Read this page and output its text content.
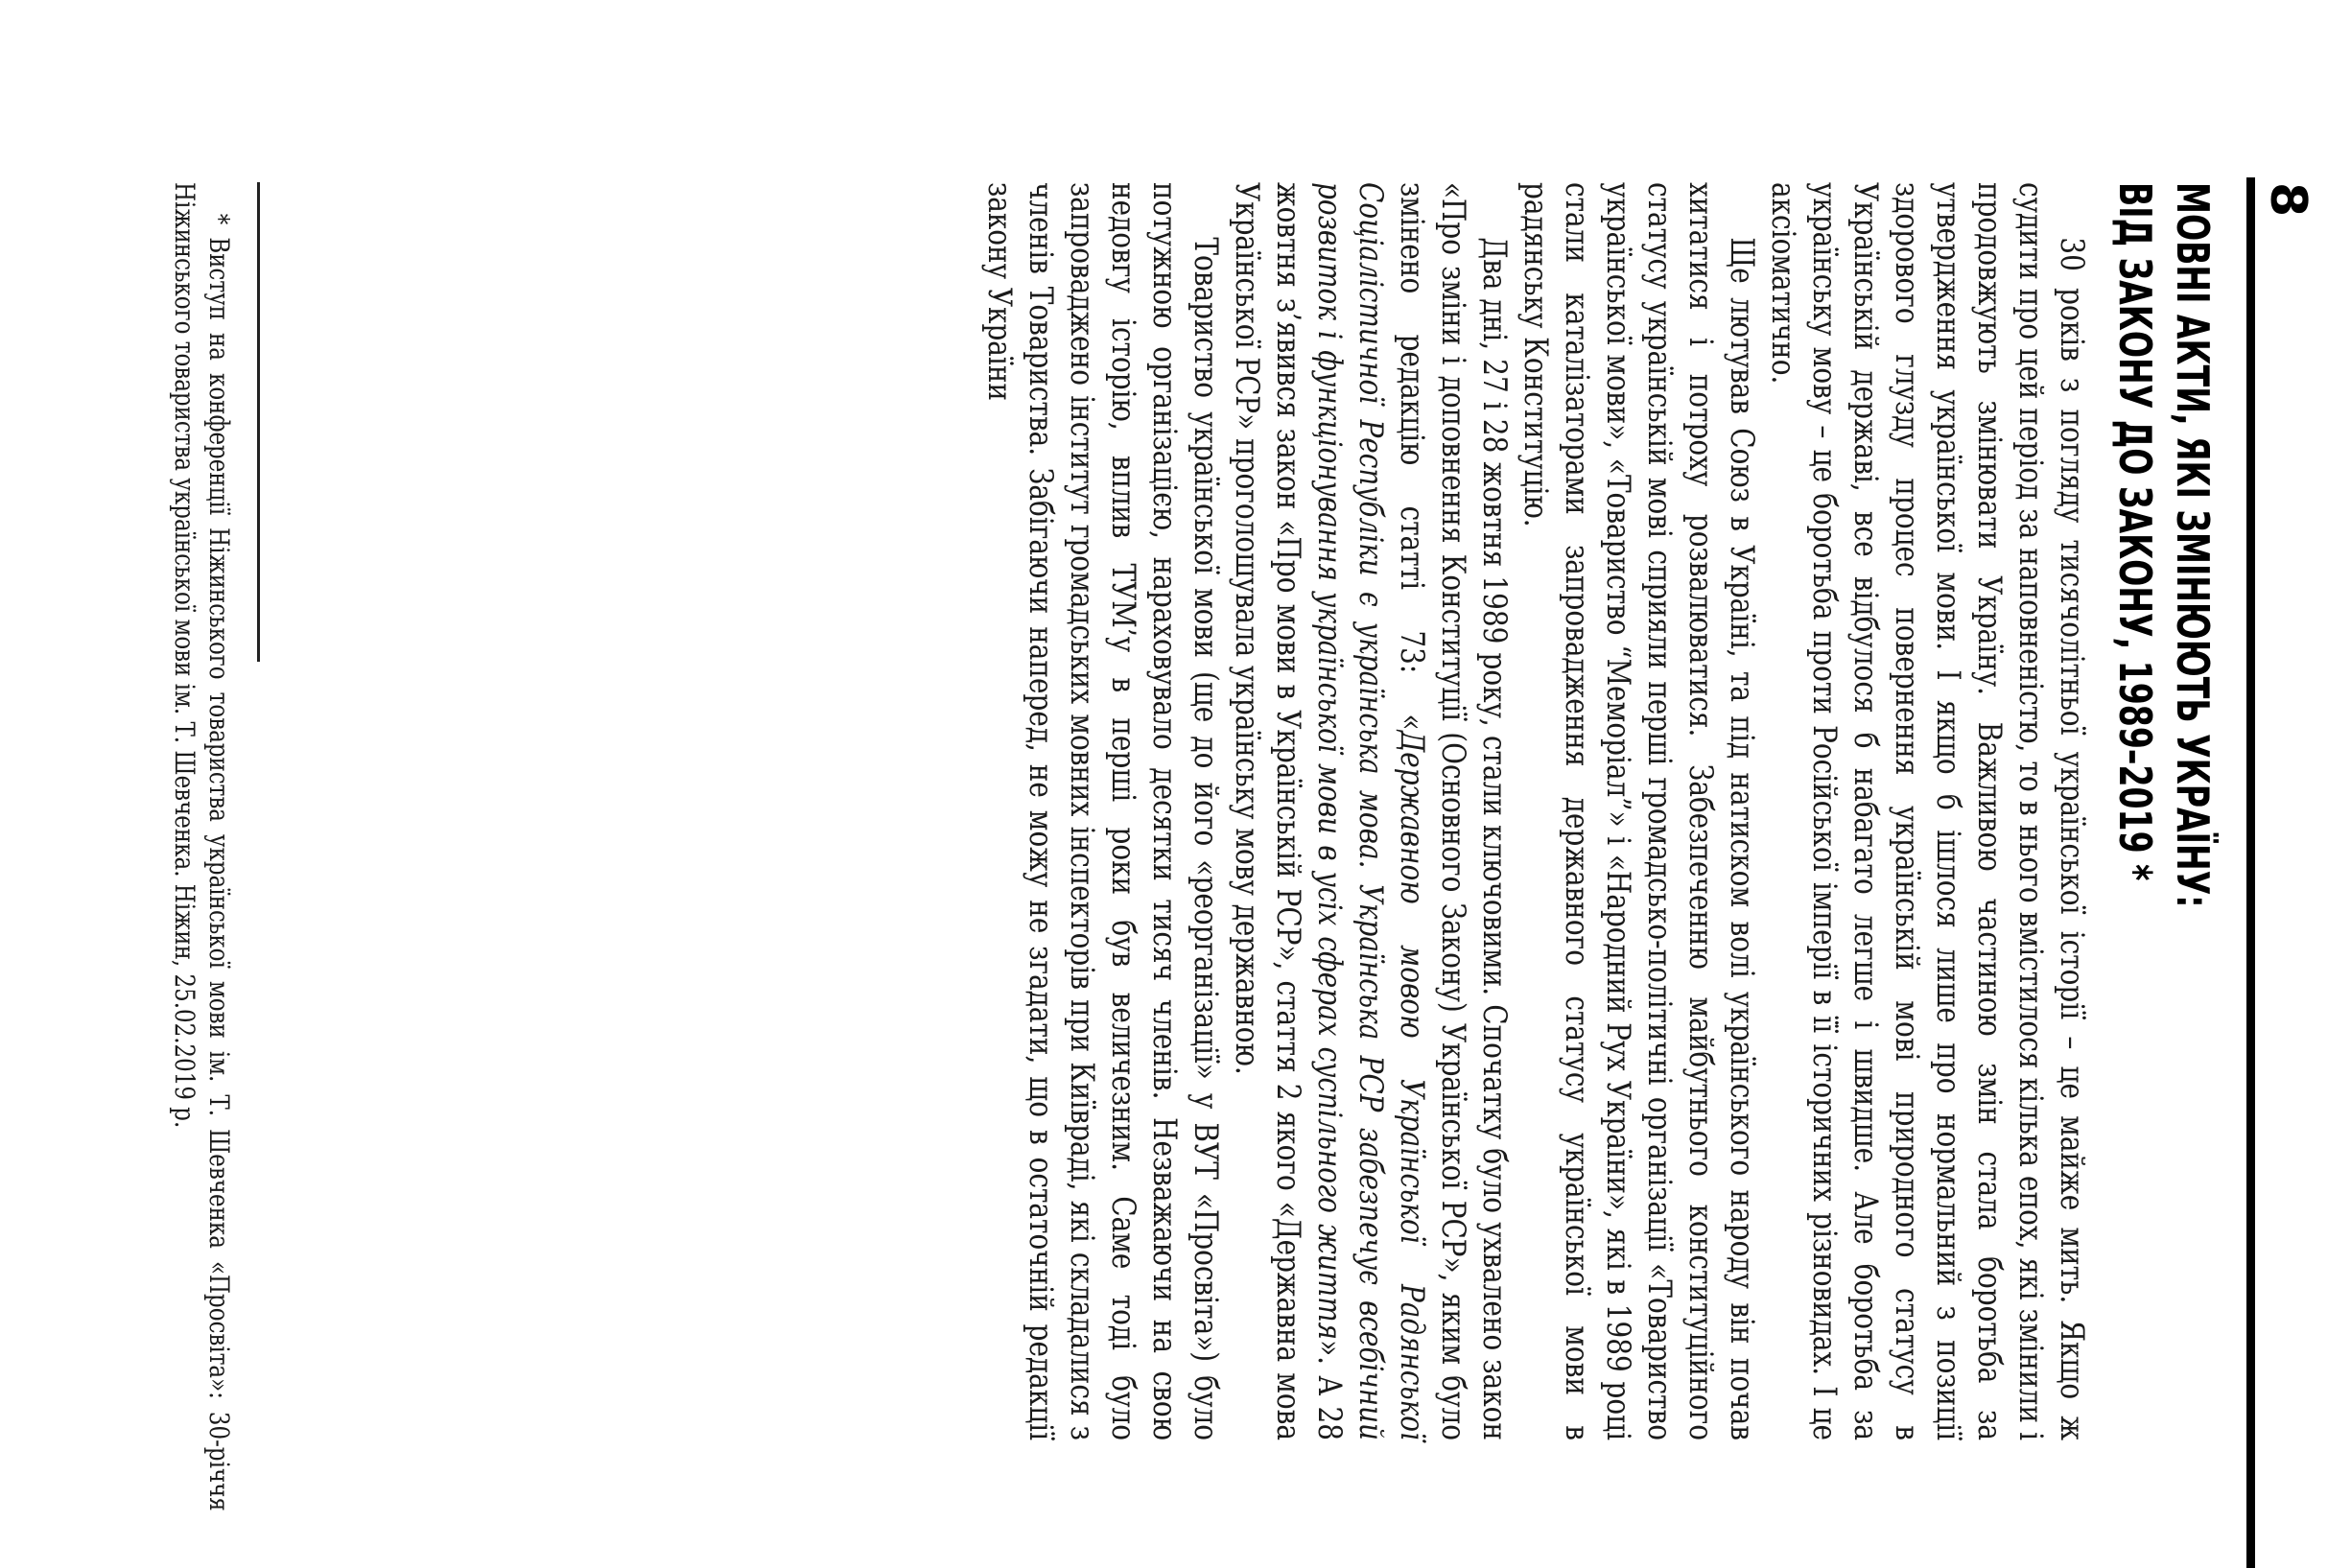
8
МОВНІ АКТИ, ЯКІ ЗМІНЮЮТЬ УКРАЇНУ:
ВІД ЗАКОНУ ДО ЗАКОНУ, 1989–2019 *

30 років з погляду тисячолітньої української історії – це майже мить. Якщо ж судити про цей період за наповненістю, то в нього вмістилося кілька епох, які змінили і продовжують змінювати Україну. Важливою частиною змін стала боротьба за утвердження української мови. І якщо б ішлося лише про нормальний з позиції здорового глузду процес повернення українській мові природного статусу в Українській державі, все відбулося б набагато легше і швидше. Але боротьба за українську мову – це боротьба проти Російської імперії в її історичних різновидах. І це аксіоматично.

Ще лютував Союз в Україні, та під натиском волі українського народу він почав хитатися і потроху розвалюватися. Забезпеченню майбутнього конституційного статусу українській мові сприяли перші громадсько-політичні організації «Товариство української мови», «Товариство “Меморіал”» і «Народний Рух України», які в 1989 році стали каталізаторами запровадження державного статусу української мови в радянську Конституцію.

Два дні, 27 і 28 жовтня 1989 року, стали ключовими. Спочатку було ухвалено закон «Про зміни і доповнення Конституції (Основного Закону) Української РСР», яким було змінено редакцію статті 73: «Державною мовою Української Радянської Соціалістичної Республіки є українська мова. Українська РСР забезпечує всебічний розвиток і функціонування української мови в усіх сферах суспільного життя». А 28 жовтня з’явився закон «Про мови в Українській РСР», стаття 2 якого «Державна мова Української РСР» проголошувала українську мову державною.

Товариство української мови (ще до його «реорганізації» у ВУТ «Просвіта») було потужною організацією, нараховувало десятки тисяч членів. Незважаючи на свою недовгу історію, вплив ТУМ’у в перші роки був величезним. Саме тоді було запроваджено інститут громадських мовних інспекторів при Київраді, які складалися з членів Товариства. Забігаючи наперед, не можу не згадати, що в остаточній редакції закону України

* Виступ на конференції Ніжинського товариства української мови ім. Т. Шевченка «Просвіта»: 30-річчя Ніжинського товариства української мови ім. Т. Шевченка. Ніжин, 25.02.2019 р.
